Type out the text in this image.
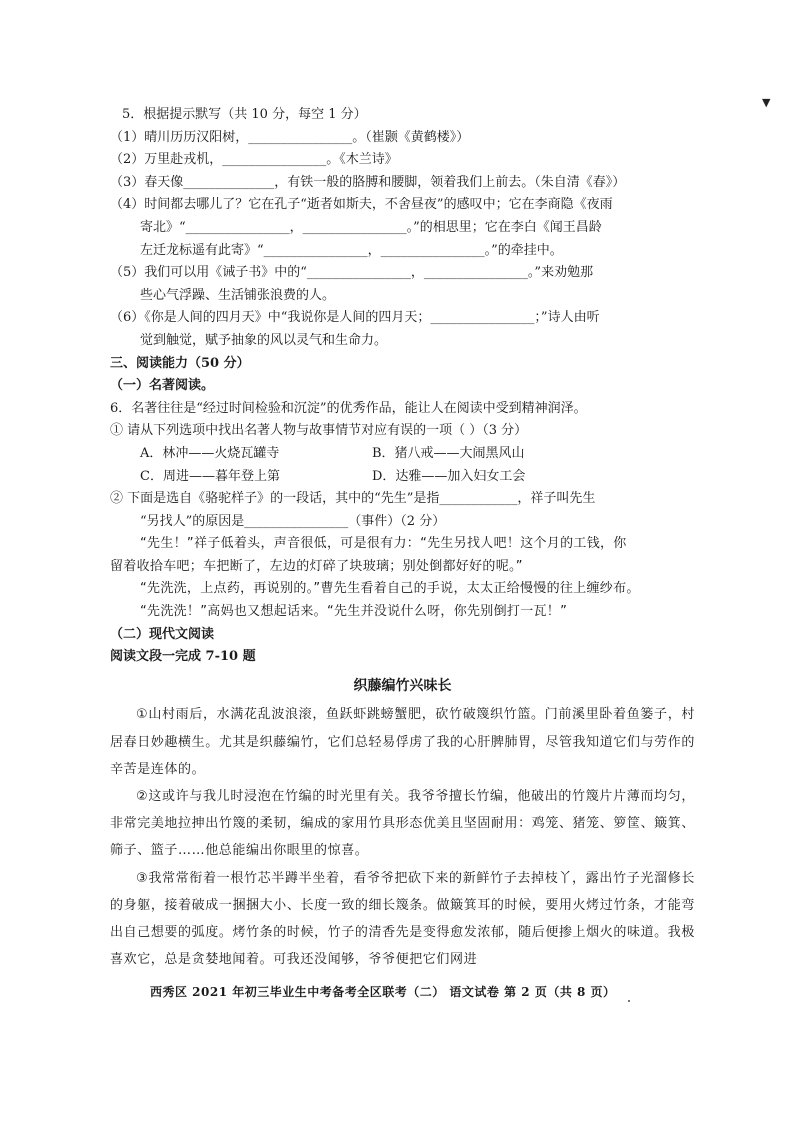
▼
5．根据提示默写（共 10 分，每空 1 分）
（1）晴川历历汉阳树，________________。（崔颢《黄鹤楼》）
（2）万里赴戎机，________________。《木兰诗》
（3）春天像______________，有铁一般的胳膊和腰脚，领着我们上前去。（朱自清《春》）
（4）时间都去哪儿了？它在孔子“逝者如斯夫，不舍昼夜”的感叹中；它在李商隐《夜雨
寄北》“________________，________________。”的相思里；它在李白《闻王昌龄
左迁龙标遥有此寄》“________________，________________。”的牵挂中。
（5）我们可以用《诫子书》中的“________________，________________。”来劝勉那
些心气浮躁、生活铺张浪费的人。
（6）《你是人间的四月天》中“我说你是人间的四月天；________________；”诗人由听
觉到触觉，赋予抽象的风以灵气和生命力。
三、阅读能力（50 分）
（一）名著阅读。
6．名著往往是“经过时间检验和沉淀”的优秀作品，能让人在阅读中受到精神润泽。
① 请从下列选项中找出名著人物与故事情节对应有误的一项（ ）（3 分）
A．林冲——火烧瓦罐寺	B．猪八戒——大闹黑风山
C．周进——暮年登上第	D．达雅——加入妇女工会
② 下面是选自《骆驼样子》的一段话，其中的“先生”是指____________，祥子叫先生
“另找人”的原因是________________（事件）（2 分）
“先生！”祥子低着头，声音很低，可是很有力：“先生另找人吧！这个月的工钱，你
留着收拾车吧；车把断了，左边的灯碎了块玻璃；别处倒都好好的呢。”
“先洗洗，上点药，再说别的。”曹先生看着自己的手说，太太正给慢慢的往上缠纱布。
“先洗洗！”高妈也又想起话来。“先生并没说什么呀，你先别倒打一瓦！”
（二）现代文阅读
阅读文段一完成 7-10 题
织藤编竹兴味长
①山村雨后，水满花乱波浪滚，鱼跃虾跳螃蟹肥，砍竹破篾织竹篮。门前溪里卧着鱼篓子，村居春日妙趣横生。尤其是织藤编竹，它们总轻易俘虏了我的心肝脾肺胃，尽管我知道它们与劳作的辛苦是连体的。
②这或许与我儿时浸泡在竹编的时光里有关。我爷爷擅长竹编，他破出的竹篾片片薄而均匀，非常完美地拉抻出竹篾的柔韧，编成的家用竹具形态优美且坚固耐用：鸡笼、猪笼、箩筐、簸箕、筛子、篮子……他总能编出你眼里的惊喜。
③我常常衔着一根竹芯半蹲半坐着，看爷爷把砍下来的新鲜竹子去掉枝丫，露出竹子光溜修长的身躯，接着破成一捆捆大小、长度一致的细长篾条。做簸箕耳的时候，要用火烤过竹条，才能弯出自己想要的弧度。烤竹条的时候，竹子的清香先是变得愈发浓郁，随后便掺上烟火的味道。我极喜欢它，总是贪婪地闻着。可我还没闻够，爷爷便把它们网进
西秀区 2021 年初三毕业生中考备考全区联考（二） 语文试卷 第 2 页（共 8 页）
